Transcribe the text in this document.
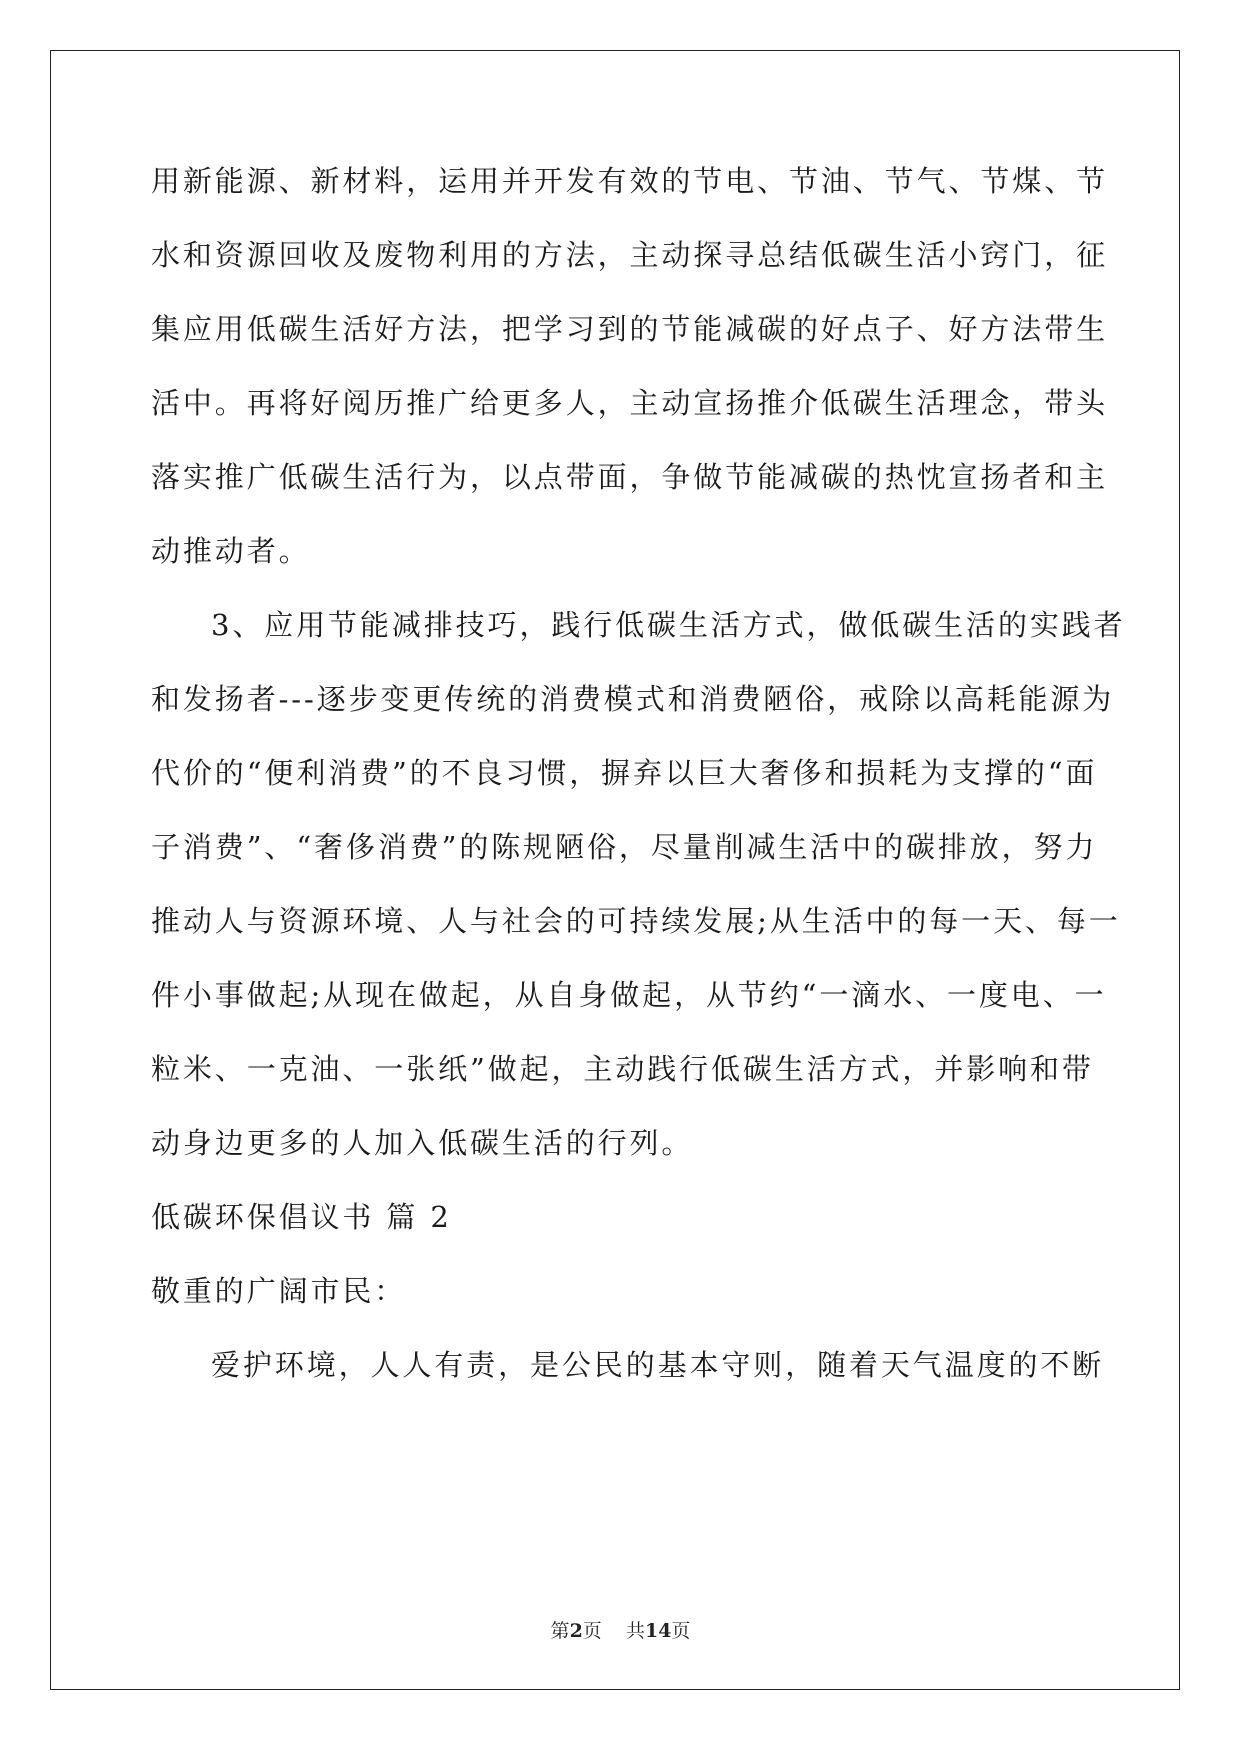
用新能源、新材料，运用并开发有效的节电、节油、节气、节煤、节
水和资源回收及废物利用的方法，主动探寻总结低碳生活小窍门，征
集应用低碳生活好方法，把学习到的节能减碳的好点子、好方法带生
活中。再将好阅历推广给更多人，主动宣扬推介低碳生活理念，带头
落实推广低碳生活行为，以点带面，争做节能减碳的热忱宣扬者和主
动推动者。
3、应用节能减排技巧，践行低碳生活方式，做低碳生活的实践者
和发扬者---逐步变更传统的消费模式和消费陋俗，戒除以高耗能源为
代价的“便利消费”的不良习惯，摒弃以巨大奢侈和损耗为支撑的“面
子消费”、“奢侈消费”的陈规陋俗，尽量削减生活中的碳排放，努力
推动人与资源环境、人与社会的可持续发展;从生活中的每一天、每一
件小事做起;从现在做起，从自身做起，从节约“一滴水、一度电、一
粒米、一克油、一张纸”做起，主动践行低碳生活方式，并影响和带
动身边更多的人加入低碳生活的行列。
低碳环保倡议书 篇 2
敬重的广阔市民：
爱护环境，人人有责，是公民的基本守则，随着天气温度的不断
第2页    共14页
